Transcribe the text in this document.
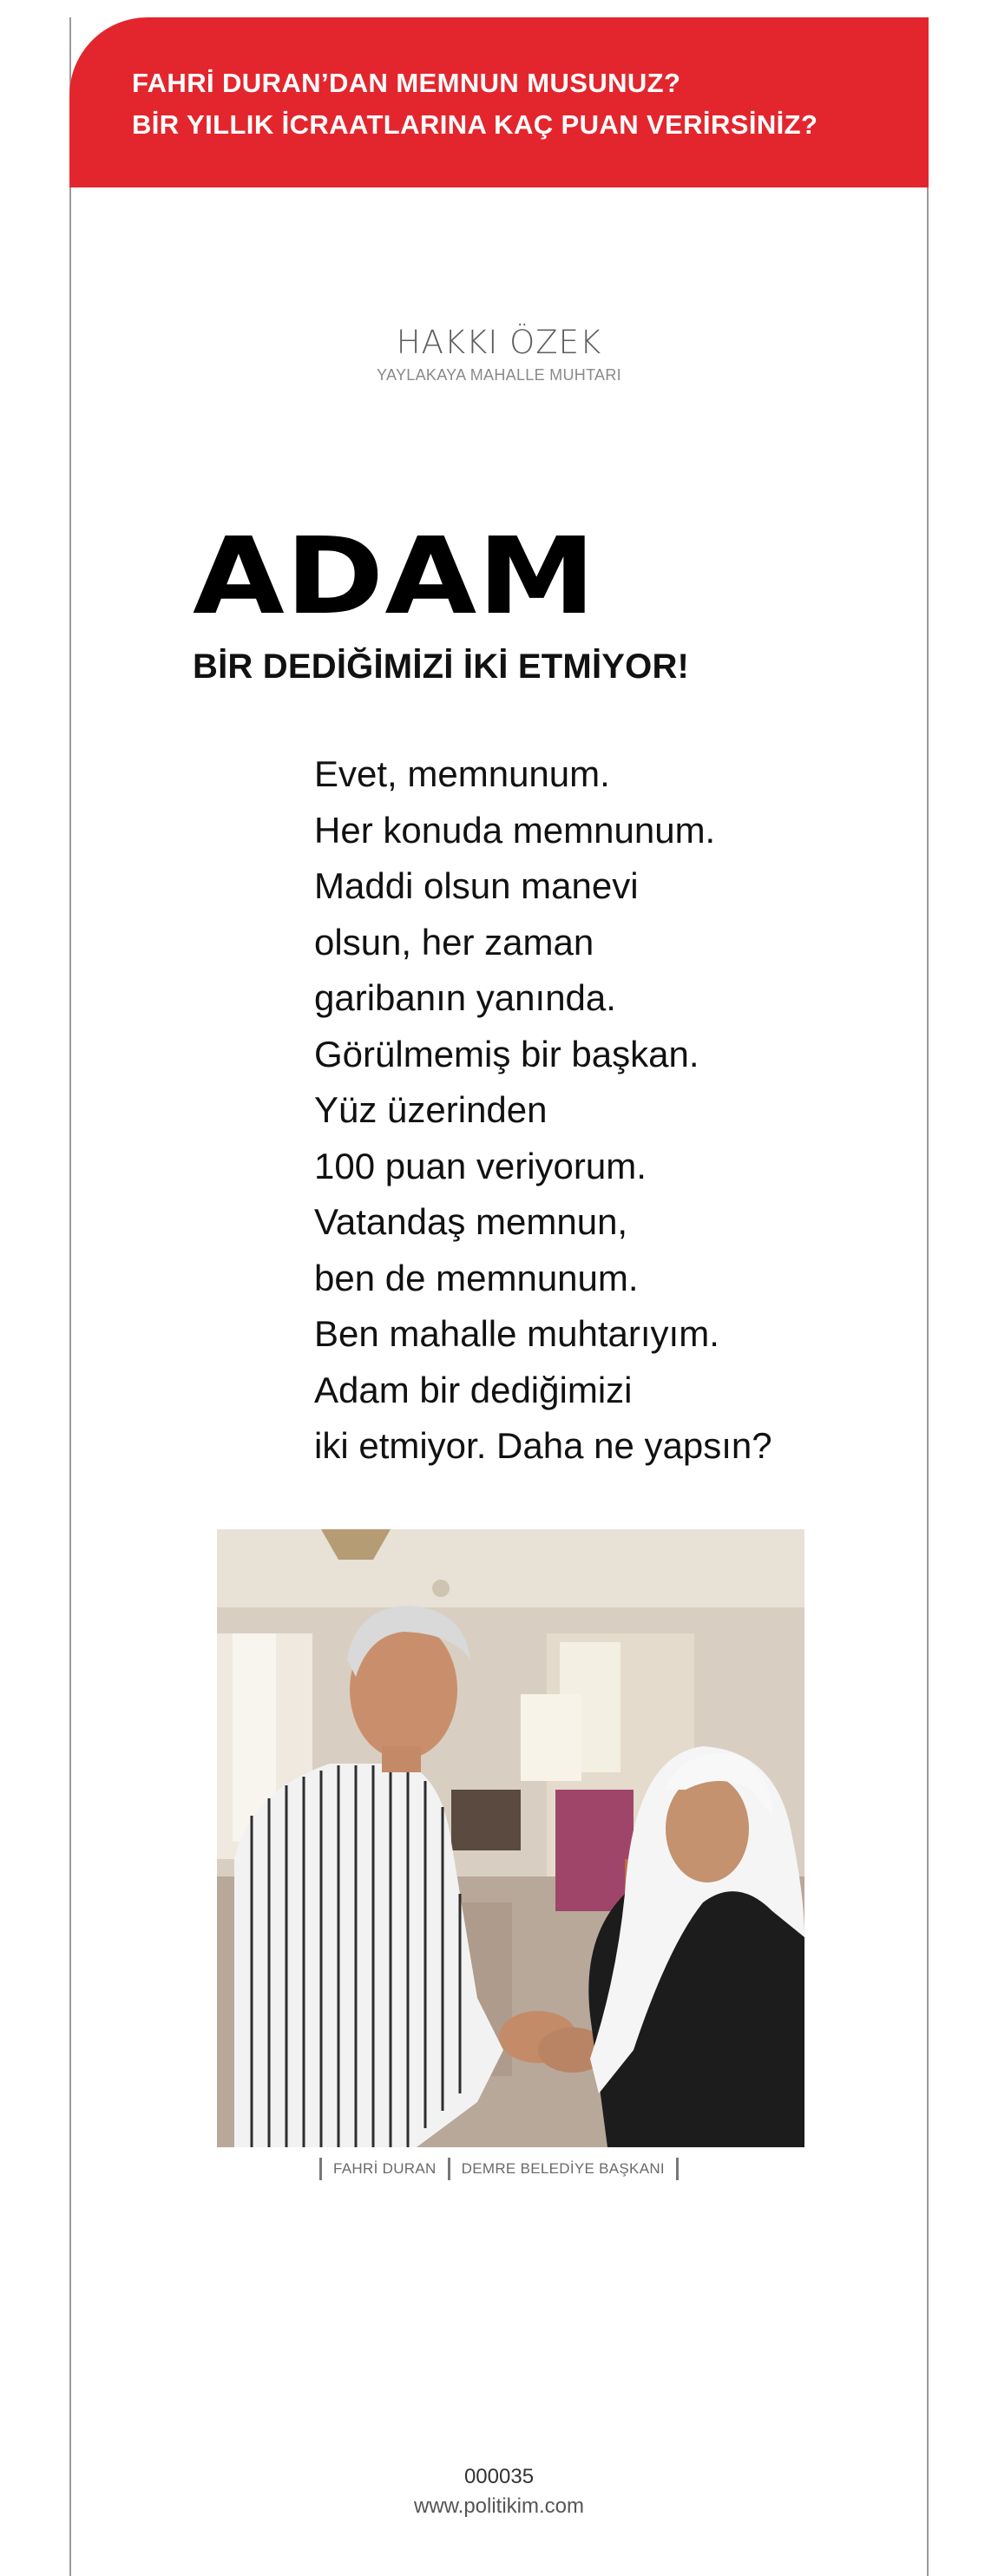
FAHRİ DURAN’DAN MEMNUN MUSUNUZ?
BİR YILLIK İCRAATLARINA KAÇ PUAN VERİRSİNİZ?
HAKKI ÖZEK
YAYLAKAYA MAHALLE MUHTARI
ADAM
BİR DEDİĞİMİZİ İKİ ETMİYOR!
Evet, memnunum.
Her konuda memnunum.
Maddi olsun manevi
olsun, her zaman
garibanın yanında.
Görülmemiş bir başkan.
Yüz üzerinden
100 puan veriyorum.
Vatandaş memnun,
ben de memnunum.
Ben mahalle muhtarıyım.
Adam bir dediğimizi
iki etmiyor. Daha ne yapsın?
FAHRİ DURAN DEMRE BELEDİYE BAŞKANI
000035
www.politikim.com
